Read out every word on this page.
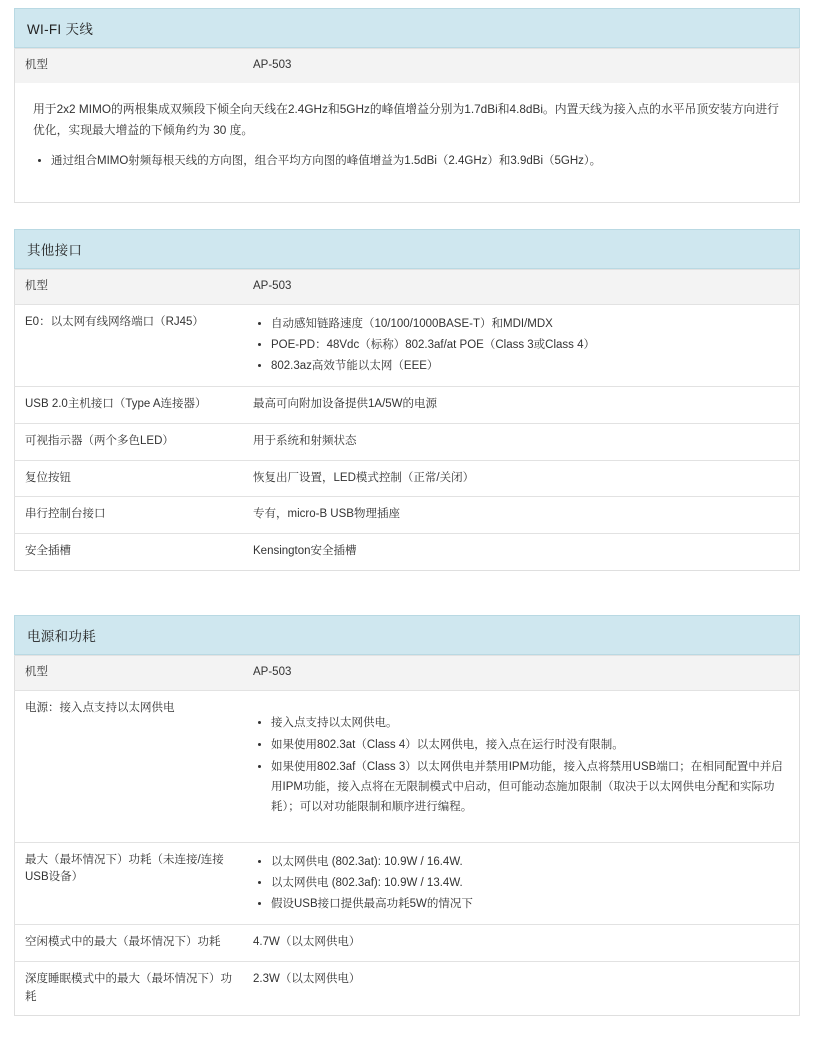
WI-FI 天线
机型	AP-503

用于2x2 MIMO的两根集成双频段下倾全向天线在2.4GHz和5GHz的峰值增益分别为1.7dBi和4.8dBi。内置天线为接入点的水平吊顶安装方向进行优化，实现最大增益的下倾角约为 30 度。

• 通过组合MIMO射频每根天线的方向图，组合平均方向图的峰值增益为1.5dBi（2.4GHz）和3.9dBi（5GHz）。
其他接口
机型	AP-503
E0：以太网有线网络端口（RJ45）	
•自动感知链路速度（10/100/1000BASE-T）和MDI/MDX
• POE-PD：48Vdc（标称）802.3af/at POE（Class 3或Class 4）
• 802.3az高效节能以太网（EEE）

USB 2.0主机接口（Type A连接器）	最高可向附加设备提供1A/5W的电源
可视指示器（两个多色LED）	用于系统和射频状态
复位按钮	恢复出厂设置，LED模式控制（正常/关闭）
串行控制台接口	专有，micro-B USB物理插座
安全插槽	Kensington安全插槽
电源和功耗
机型	AP-503
电源：接入点支持以太网供电	
• 接入点支持以太网供电。
• 如果使用802.3at（Class 4）以太网供电，接入点在运行时没有限制。
• 如果使用802.3af（Class 3）以太网供电并禁用IPM功能，接入点将禁用USB端口；在相同配置中并启用IPM功能，接入点将在无限制模式中启动，但可能动态施加限制（取决于以太网供电分配和实际功耗）；可以对功能限制和顺序进行编程。

最大（最坏情况下）功耗（未连接/连接USB设备）	
• 以太网供电 (802.3at): 10.9W / 16.4W.
• 以太网供电 (802.3af): 10.9W / 13.4W.
• 假设USB接口提供最高功耗5W的情况下

空闲模式中的最大（最坏情况下）功耗	4.7W（以太网供电）
深度睡眠模式中的最大（最坏情况下）功耗	2.3W（以太网供电）
